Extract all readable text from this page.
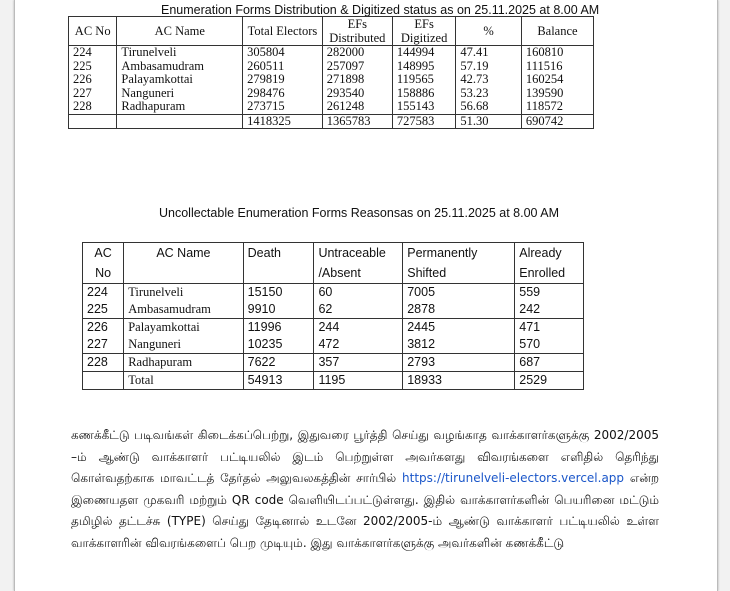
Enumeration Forms Distribution & Digitized status as on 25.11.2025 at 8.00 AM
AC No	AC Name	Total Electors	EFs Distributed	EFs Digitized	%	Balance
224	Tirunelveli	305804	282000	144994	47.41	160810
225	Ambasamudram	260511	257097	148995	57.19	111516
226	Palayamkottai	279819	271898	119565	42.73	160254
227	Nanguneri	298476	293540	158886	53.23	139590
228	Radhapuram	273715	261248	155143	56.68	118572
		1418325	1365783	727583	51.30	690742
Uncollectable Enumeration Forms Reasonsas on 25.11.2025 at 8.00 AM
AC No	AC Name	Death	Untraceable /Absent	Permanently Shifted	Already Enrolled
224	Tirunelveli	15150	60	7005	559
225	Ambasamudram	9910	62	2878	242
226	Palayamkottai	11996	244	2445	471
227	Nanguneri	10235	472	3812	570
228	Radhapuram	7622	357	2793	687
	Total	54913	1195	18933	2529
கணக்கீட்டு படிவங்கள் கிடைக்கப்பெற்று, இதுவரை பூர்த்தி செய்து வழங்காத வாக்காளர்களுக்கு 2002/2005 –ம் ஆண்டு வாக்காளர் பட்டியலில் இடம் பெற்றுள்ள அவர்களது விவரங்களை எளிதில் தெரிந்து கொள்வதற்காக மாவட்டத் தேர்தல் அலுவலகத்தின் சார்பில் https://tirunelveli-electors.vercel.app என்ற இணையதள முகவரி மற்றும் QR code வெளியிடப்பட்டுள்ளது. இதில் வாக்காளர்களின் பெயரினை மட்டும் தமிழில் தட்டச்சு (TYPE) செய்து தேடினால் உடனே 2002/2005-ம் ஆண்டு வாக்காளர் பட்டியலில் உள்ள வாக்காளரின் விவரங்களைப் பெற முடியும். இது வாக்காளர்களுக்கு அவர்களின் கணக்கீட்டு
